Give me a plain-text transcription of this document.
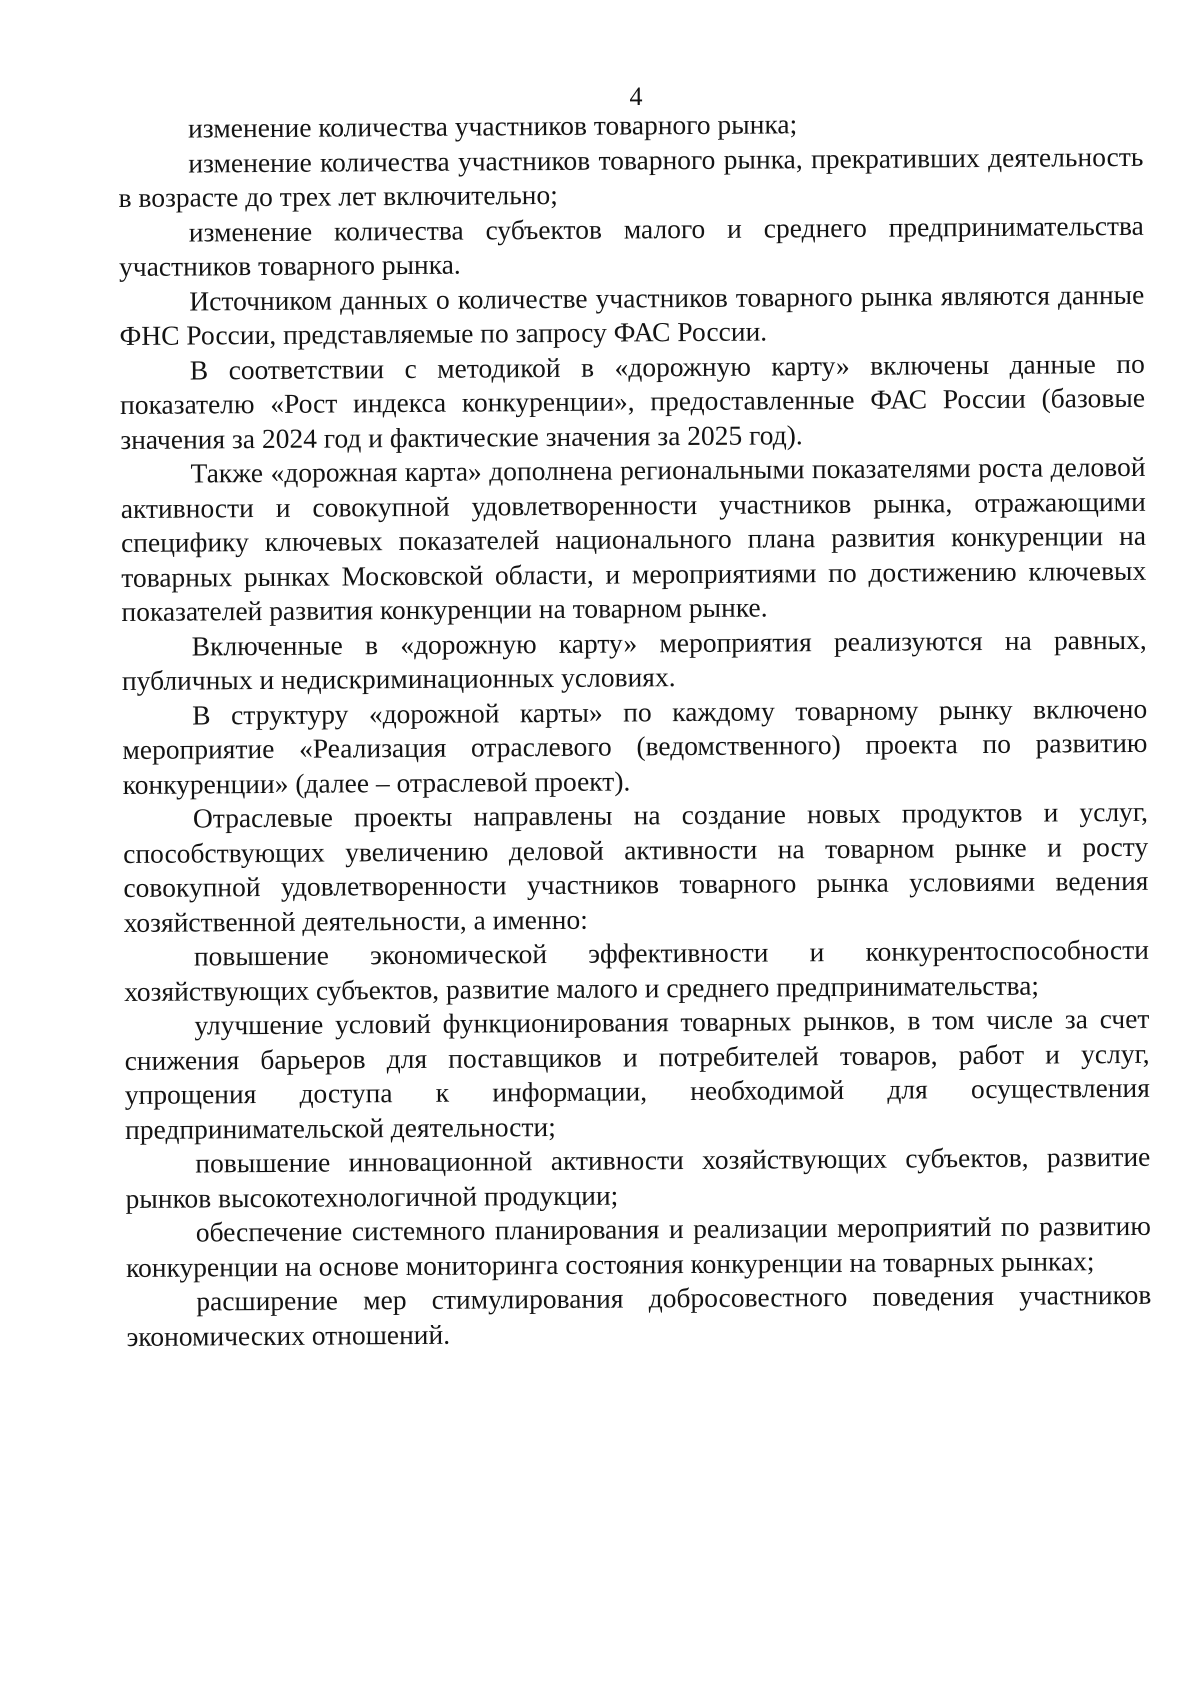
4

изменение количества участников товарного рынка;

изменение количества участников товарного рынка, прекративших деятельность в возрасте до трех лет включительно;

изменение количества субъектов малого и среднего предпринимательства участников товарного рынка.

Источником данных о количестве участников товарного рынка являются данные ФНС России, представляемые по запросу ФАС России.

В соответствии с методикой в «дорожную карту» включены данные по показателю «Рост индекса конкуренции», предоставленные ФАС России (базовые значения за 2024 год и фактические значения за 2025 год).

Также «дорожная карта» дополнена региональными показателями роста деловой активности и совокупной удовлетворенности участников рынка, отражающими специфику ключевых показателей национального плана развития конкуренции на товарных рынках Московской области, и мероприятиями по достижению ключевых показателей развития конкуренции на товарном рынке.

Включенные в «дорожную карту» мероприятия реализуются на равных, публичных и недискриминационных условиях.

В структуру «дорожной карты» по каждому товарному рынку включено мероприятие «Реализация отраслевого (ведомственного) проекта по развитию конкуренции» (далее – отраслевой проект).

Отраслевые проекты направлены на создание новых продуктов и услуг, способствующих увеличению деловой активности на товарном рынке и росту совокупной удовлетворенности участников товарного рынка условиями ведения хозяйственной деятельности, а именно:

повышение экономической эффективности и конкурентоспособности хозяйствующих субъектов, развитие малого и среднего предпринимательства;

улучшение условий функционирования товарных рынков, в том числе за счет снижения барьеров для поставщиков и потребителей товаров, работ и услуг, упрощения доступа к информации, необходимой для осуществления предпринимательской деятельности;

повышение инновационной активности хозяйствующих субъектов, развитие рынков высокотехнологичной продукции;

обеспечение системного планирования и реализации мероприятий по развитию конкуренции на основе мониторинга состояния конкуренции на товарных рынках;

расширение мер стимулирования добросовестного поведения участников экономических отношений.
